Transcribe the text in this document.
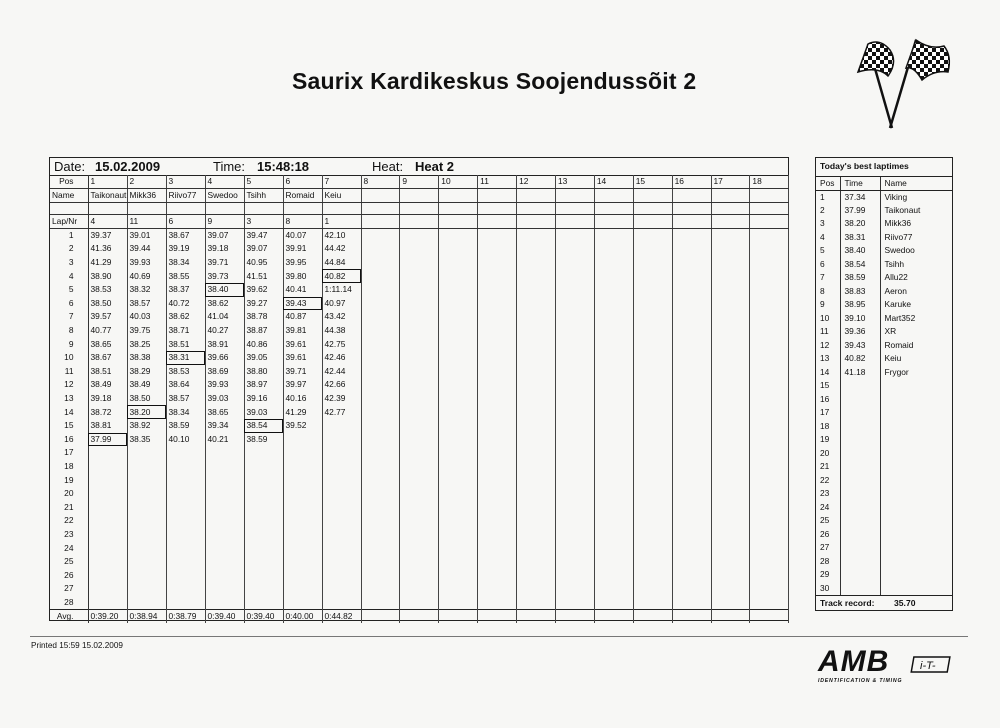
Saurix Kardikeskus Soojendussõit 2
Date: 15.02.2009	Time: 15:48:18	Heat: Heat 2
Pos	1	2	3	4	5	6	7	8	9	10	11	12	13	14	15	16	17	18
Name	Taikonaut	Mikk36	Riivo77	Swedoo	Tsihh	Romaid	Keiu											

Lap/Nr	4	11	6	9	3	8	1											
1	39.37	39.01	38.67	39.07	39.47	40.07	42.10											
2	41.36	39.44	39.19	39.18	39.07	39.91	44.42											
3	41.29	39.93	38.34	39.71	40.95	39.95	44.84											
4	38.90	40.69	38.55	39.73	41.51	39.80	40.82											
5	38.53	38.32	38.37	38.40	39.62	40.41	1:11.14											
6	38.50	38.57	40.72	38.62	39.27	39.43	40.97											
7	39.57	40.03	38.62	41.04	38.78	40.87	43.42											
8	40.77	39.75	38.71	40.27	38.87	39.81	44.38											
9	38.65	38.25	38.51	38.91	40.86	39.61	42.75											
10	38.67	38.38	38.31	39.66	39.05	39.61	42.46											
11	38.51	38.29	38.53	38.69	38.80	39.71	42.44											
12	38.49	38.49	38.64	39.93	38.97	39.97	42.66											
13	39.18	38.50	38.57	39.03	39.16	40.16	42.39											
14	38.72	38.20	38.34	38.65	39.03	41.29	42.77											
15	38.81	38.92	38.59	39.34	38.54	39.52												
16	37.99	38.35	40.10	40.21	38.59													
17																		
18																		
19																		
20																		
21																		
22																		
23																		
24																		
25																		
26																		
27																		
28																		
Avg.	0:39.20	0:38.94	0:38.79	0:39.40	0:39.40	0:40.00	0:44.82											
Today's best laptimes		
Pos	Time	Name
1	37.34	Viking
2	37.99	Taikonaut
3	38.20	Mikk36
4	38.31	Riivo77
5	38.40	Swedoo
6	38.54	Tsihh
7	38.59	Allu22
8	38.83	Aeron
9	38.95	Karuke
10	39.10	Mart352
11	39.36	XR
12	39.43	Romaid
13	40.82	Keiu
14	41.18	Frygor
15		
16		
17		
18		
19		
20		
21		
22		
23		
24		
25		
26		
27		
28		
29		
30		
Track record: 35.70
Printed 15:59 15.02.2009	AMB	i-T-
IDENTIFICATION & TIMING
